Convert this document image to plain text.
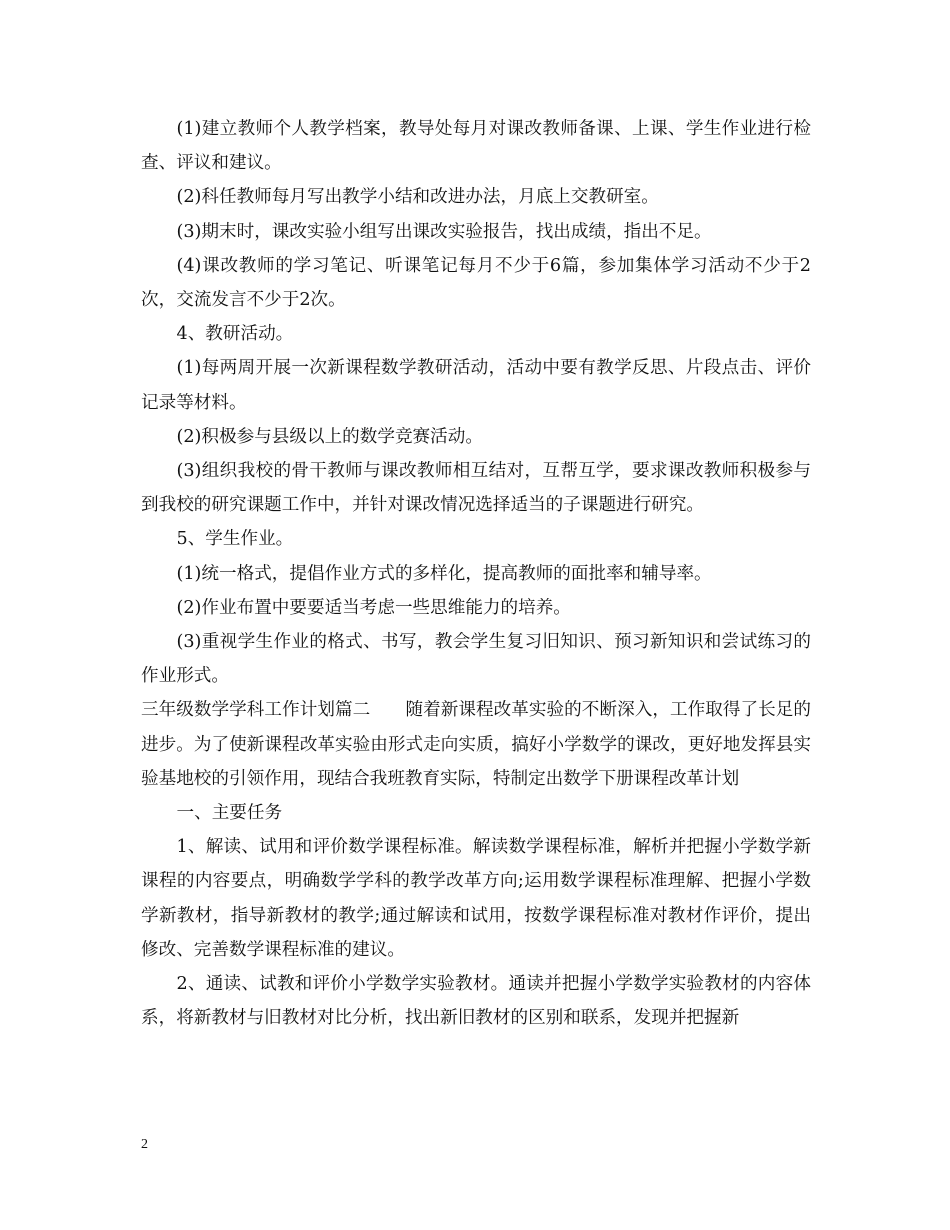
(1)建立教师个人教学档案，教导处每月对课改教师备课、上课、学生作业进行检查、评议和建议。

(2)科任教师每月写出教学小结和改进办法，月底上交教研室。

(3)期末时，课改实验小组写出课改实验报告，找出成绩，指出不足。

(4)课改教师的学习笔记、听课笔记每月不少于6篇，参加集体学习活动不少于2次，交流发言不少于2次。

4、教研活动。

(1)每两周开展一次新课程数学教研活动，活动中要有教学反思、片段点击、评价记录等材料。

(2)积极参与县级以上的数学竞赛活动。

(3)组织我校的骨干教师与课改教师相互结对，互帮互学，要求课改教师积极参与到我校的研究课题工作中，并针对课改情况选择适当的子课题进行研究。

5、学生作业。

(1)统一格式，提倡作业方式的多样化，提高教师的面批率和辅导率。

(2)作业布置中要要适当考虑一些思维能力的培养。

(3)重视学生作业的格式、书写，教会学生复习旧知识、预习新知识和尝试练习的作业形式。

三年级数学学科工作计划篇二　　随着新课程改革实验的不断深入，工作取得了长足的进步。为了使新课程改革实验由形式走向实质，搞好小学数学的课改，更好地发挥县实验基地校的引领作用，现结合我班教育实际，特制定出数学下册课程改革计划

一、主要任务

1、解读、试用和评价数学课程标准。解读数学课程标准，解析并把握小学数学新课程的内容要点，明确数学学科的教学改革方向;运用数学课程标准理解、把握小学数学新教材，指导新教材的教学;通过解读和试用，按数学课程标准对教材作评价，提出修改、完善数学课程标准的建议。

2、通读、试教和评价小学数学实验教材。通读并把握小学数学实验教材的内容体系，将新教材与旧教材对比分析，找出新旧教材的区别和联系，发现并把握新

2
